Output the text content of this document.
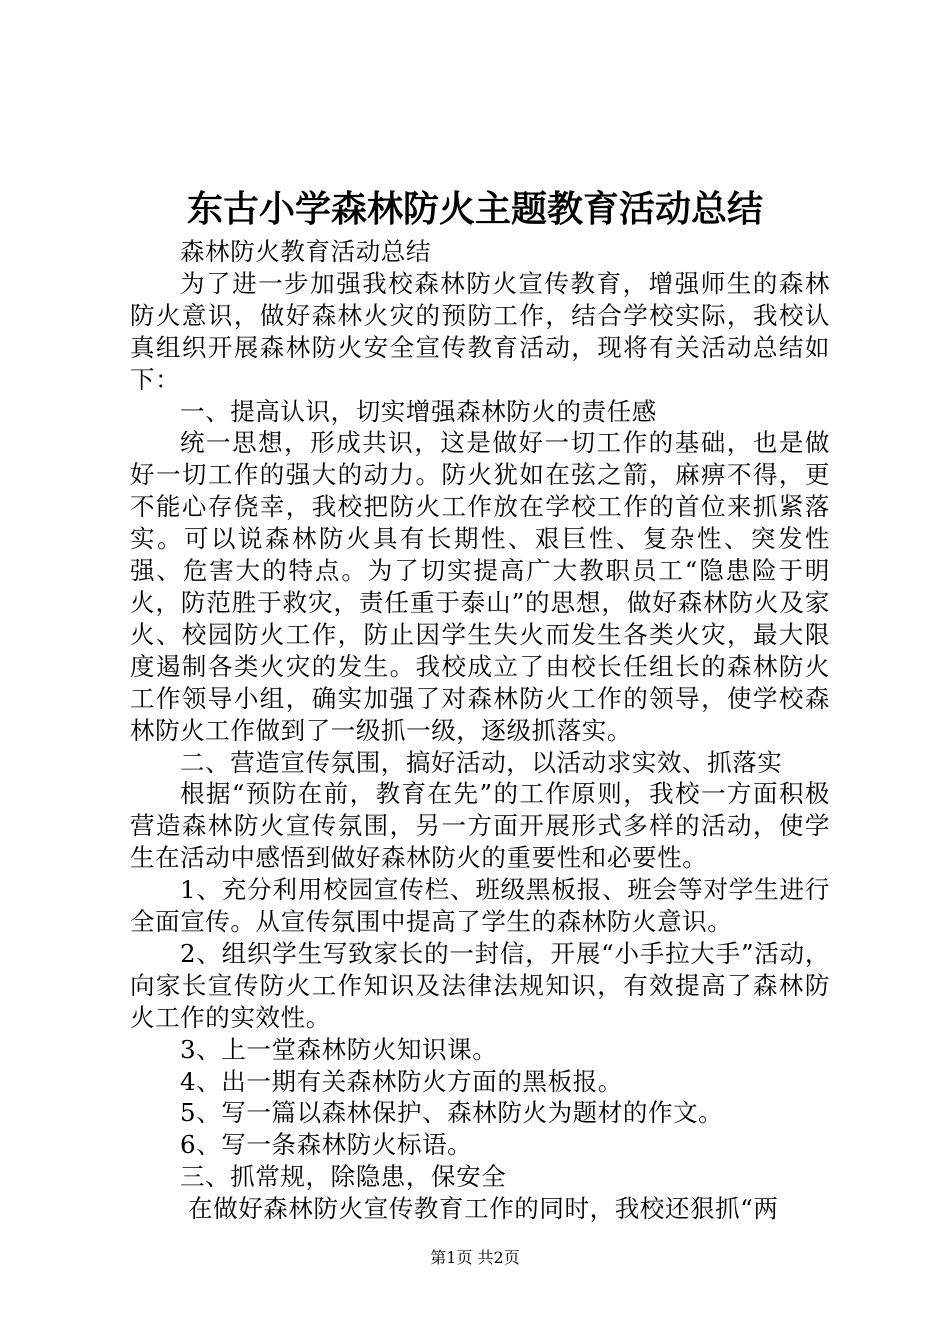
东古小学森林防火主题教育活动总结

森林防火教育活动总结

为了进一步加强我校森林防火宣传教育，增强师生的森林防火意识，做好森林火灾的预防工作，结合学校实际，我校认真组织开展森林防火安全宣传教育活动，现将有关活动总结如下：

一、提高认识，切实增强森林防火的责任感

统一思想，形成共识，这是做好一切工作的基础，也是做好一切工作的强大的动力。防火犹如在弦之箭，麻痹不得，更不能心存侥幸，我校把防火工作放在学校工作的首位来抓紧落实。可以说森林防火具有长期性、艰巨性、复杂性、突发性强、危害大的特点。为了切实提高广大教职员工“隐患险于明火，防范胜于救灾，责任重于泰山”的思想，做好森林防火及家火、校园防火工作，防止因学生失火而发生各类火灾，最大限度遏制各类火灾的发生。我校成立了由校长任组长的森林防火工作领导小组，确实加强了对森林防火工作的领导，使学校森林防火工作做到了一级抓一级，逐级抓落实。

二、营造宣传氛围，搞好活动，以活动求实效、抓落实

根据“预防在前，教育在先”的工作原则，我校一方面积极营造森林防火宣传氛围，另一方面开展形式多样的活动，使学生在活动中感悟到做好森林防火的重要性和必要性。

1、充分利用校园宣传栏、班级黑板报、班会等对学生进行全面宣传。从宣传氛围中提高了学生的森林防火意识。

2、组织学生写致家长的一封信，开展“小手拉大手”活动，向家长宣传防火工作知识及法律法规知识，有效提高了森林防火工作的实效性。

3、上一堂森林防火知识课。

4、出一期有关森林防火方面的黑板报。

5、写一篇以森林保护、森林防火为题材的作文。

6、写一条森林防火标语。

三、抓常规，除隐患，保安全

在做好森林防火宣传教育工作的同时，我校还狠抓“两

第1页 共2页
